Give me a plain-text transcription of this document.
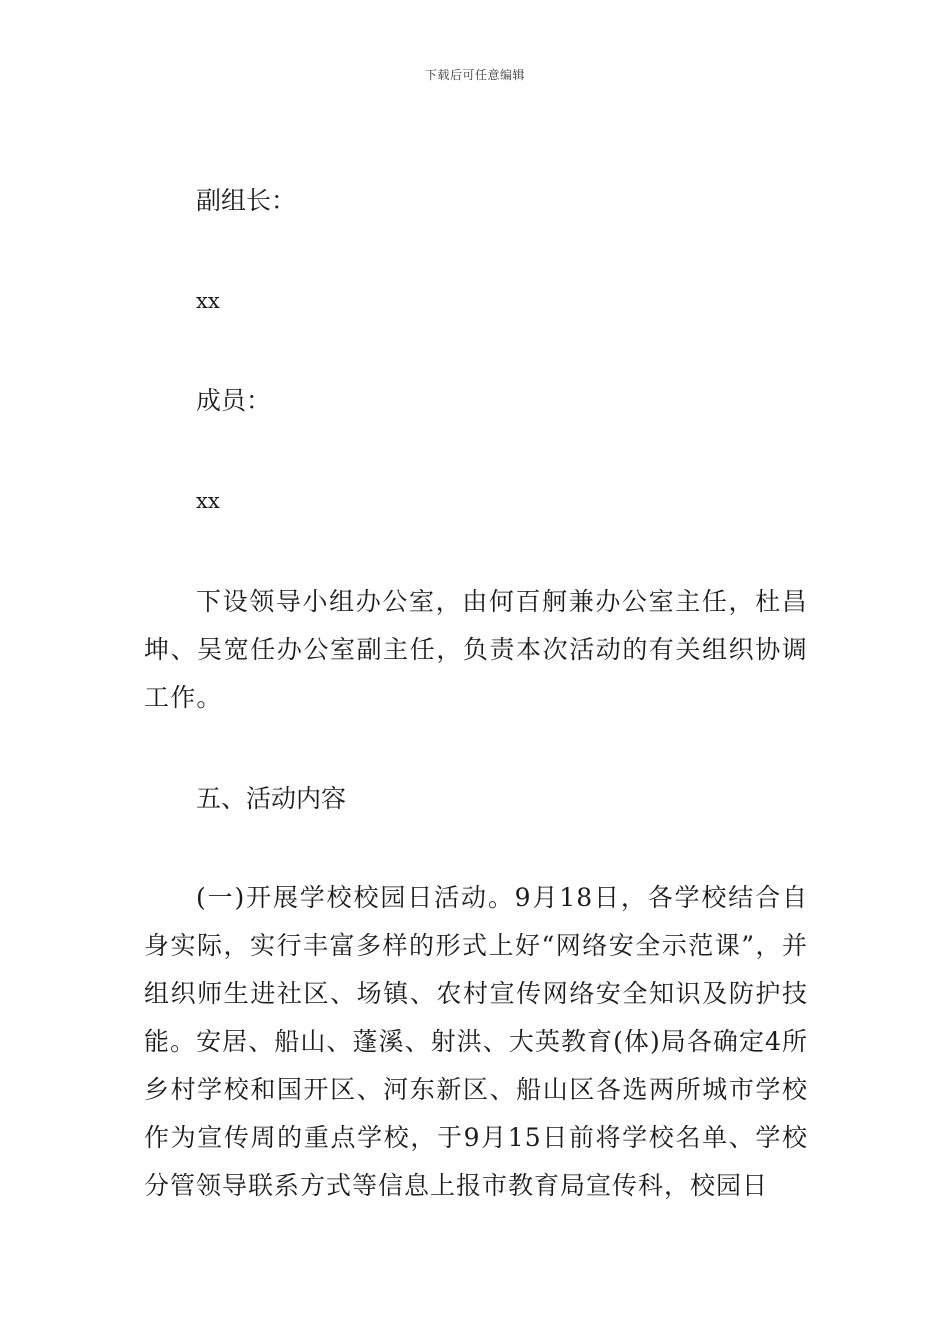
下载后可任意编辑
副组长：
xx
成员：
xx
下设领导小组办公室，由何百舸兼办公室主任，杜昌坤、吴宽任办公室副主任，负责本次活动的有关组织协调工作。
五、活动内容
(一)开展学校校园日活动。9月18日，各学校结合自身实际，实行丰富多样的形式上好“网络安全示范课”，并组织师生进社区、场镇、农村宣传网络安全知识及防护技能。安居、船山、蓬溪、射洪、大英教育(体)局各确定4所乡村学校和国开区、河东新区、船山区各选两所城市学校作为宣传周的重点学校，于9月15日前将学校名单、学校分管领导联系方式等信息上报市教育局宣传科，校园日
